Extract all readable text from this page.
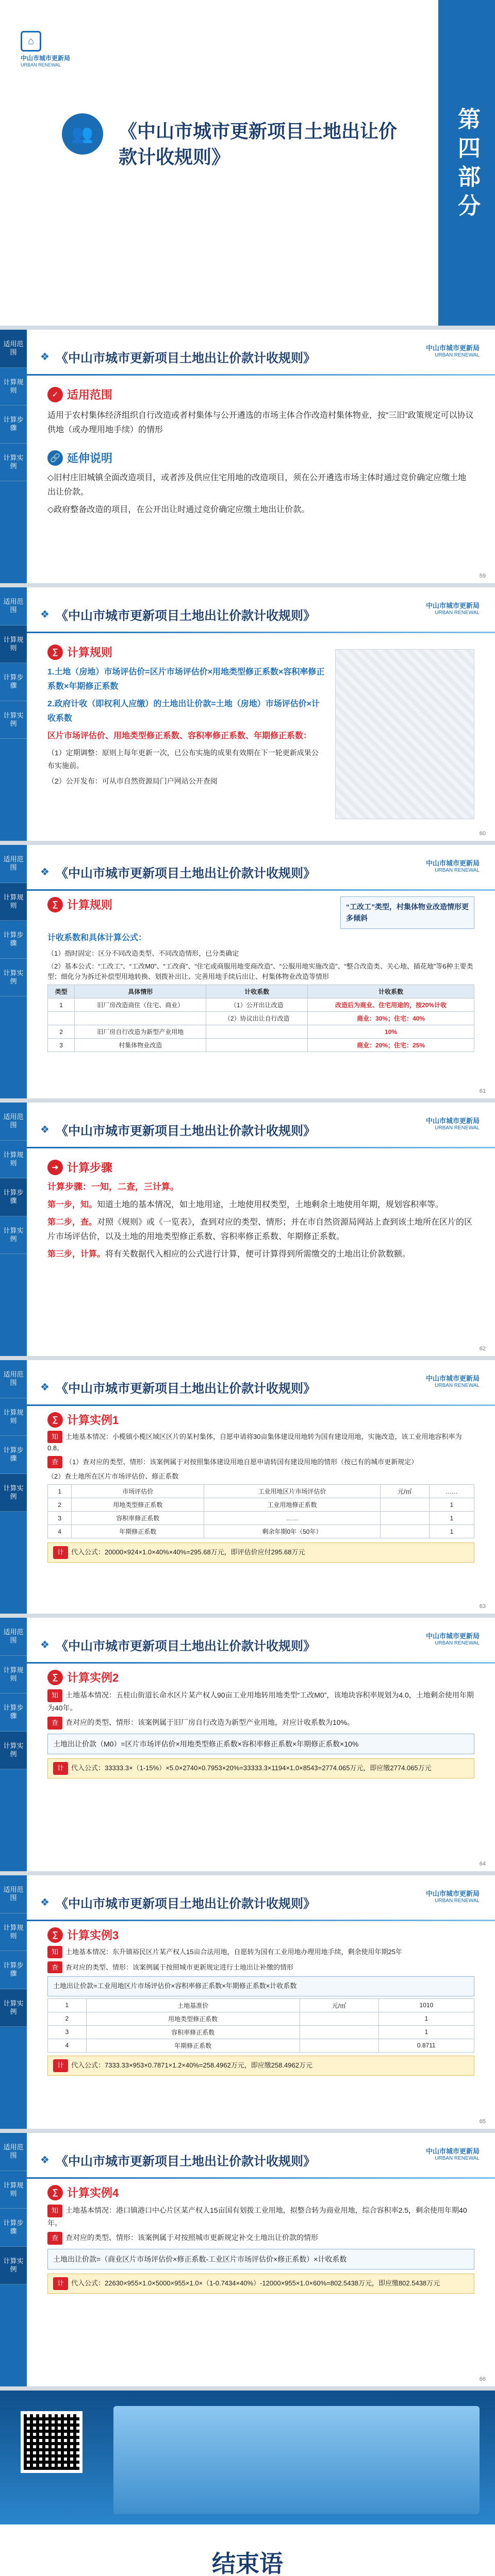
⌂
中山市城市更新局
URBAN RENEWAL
👥	《中山市城市更新项目土地出让价款计收规则》	第四部分
适用范围
计算规则
计算步骤
计算实例
❖ 《中山市城市更新项目土地出让价款计收规则》
中山市城市更新局
URBAN RENEWAL
✓ 适用范围

适用于农村集体经济组织自行改造或者村集体与公开遴选的市场主体合作改造村集体物业，按“三旧”政策规定可以协议供地（或办理用地手续）的情形

🔗 延伸说明

◇旧村庄旧城镇全面改造项目，或者涉及供应住宅用地的改造项目，须在公开遴选市场主体时通过竞价确定应缴土地出让价款。

◇政府整备改造的项目，在公开出让时通过竞价确定应缴土地出让价款。

59
适用范围
计算规则
计算步骤
计算实例
❖ 《中山市城市更新项目土地出让价款计收规则》
中山市城市更新局
URBAN RENEWAL
∑ 计算规则

1.土地（房地）市场评估价=区片市场评估价×用地类型修正系数×容积率修正系数×年期修正系数

2.政府计收（即权利人应缴）的土地出让价款=土地（房地）市场评估价×计收系数

区片市场评估价、用地类型修正系数、容积率修正系数、年期修正系数：

（1）定期调整：原则上每年更新一次，已公布实施的成果有效期在下一轮更新成果公布实施前。

（2）公开发布：可从市自然资源局门户网站公开查阅

60
适用范围
计算规则
计算步骤
计算实例
❖ 《中山市城市更新项目土地出让价款计收规则》
中山市城市更新局
URBAN RENEWAL
∑ 计算规则	“工改工”类型，村集体物业改造情形更多倾斜

计收系数和具体计算公式：

（1）指时固定：区分不同改造类型、不同改造情形，已分类确定

（2）基本公式：“工改工”、“工改M0”、“工改商”、“住宅或商服用地变商改造”、“公服用地实施改造”、“整合改造类、关心地、插花地”等6种主要类型；细化分为拆迁补偿型用地转换、划拨补出让、完善用地手续后出让、村集体物业改造等情形

类型	具体情形	计收系数	计收系数
1	旧厂房改造商住（住宅、商业）	（1）公开出让改造	改造后为商业、住宅用途的，按20%计收
		（2）协议出让自行改造	商业：30%；住宅：40%
2	旧厂房自行改造为新型产业用地		10%
3	村集体物业改造		商业：20%；住宅：25%
61
适用范围
计算规则
计算步骤
计算实例
❖ 《中山市城市更新项目土地出让价款计收规则》
中山市城市更新局
URBAN RENEWAL
➜ 计算步骤

计算步骤：一知，二查，三计算。

第一步，知。知道土地的基本情况，如土地用途，土地使用权类型，土地剩余土地使用年期，规划容积率等。

第二步，查。对照《规则》或《一览表》，查到对应的类型、情形；并在市自然资源局网站上查到该土地所在区片的区片市场评估价，以及土地的用地类型修正系数、容积率修正系数、年期修正系数。

第三步，计算。将有关数据代入相应的公式进行计算，便可计算得到所需缴交的土地出让价款数额。

62
适用范围
计算规则
计算步骤
计算实例
❖ 《中山市城市更新项目土地出让价款计收规则》
中山市城市更新局
URBAN RENEWAL
∑ 计算实例1

知 土地基本情况：小榄镇小榄区域区区片的某村集体，自愿申请将30亩集体建设用地转为国有建设用地，实施改造，该工业用地容积率为0.8。

查 （1）查对应的类型、情形：该案例属于对按照集体建设用地自愿申请转国有建设用地的情形（按已有的城市更新规定）

（2）查土地所在区片市场评估价、修正系数

1	市场评估价	工业用地区片市场评估价	元/㎡	……
2	用地类型修正系数	工业用地修正系数		1
3	容积率修正系数	……		1
4	年期修正系数	剩余年期0年（50年）		1
计 代入公式：20000×924×1.0×40%×40%=295.68万元，即评估价应付295.68万元
63
适用范围
计算规则
计算步骤
计算实例
❖ 《中山市城市更新项目土地出让价款计收规则》
中山市城市更新局
URBAN RENEWAL
∑ 计算实例2

知 土地基本情况：五桂山街道长命水区片某产权人90亩工业用地转用地类型“工改M0”，该地块容积率规划为4.0，土地剩余使用年期为40年。

查 查对应的类型、情形：该案例属于旧厂房自行改造为新型产业用地，对应计收系数为10%。

土地出让价款（M0）=区片市场评估价×用地类型修正系数×容积率修正系数×年期修正系数×10%
计 代入公式：33333.3×（1-15%）×5.0×2740×0.7953×20%=33333.3×1194×1.0×8543=2774.065万元，即应缴2774.065万元
64
适用范围
计算规则
计算步骤
计算实例
❖ 《中山市城市更新项目土地出让价款计收规则》
中山市城市更新局
URBAN RENEWAL
∑ 计算实例3

知 土地基本情况：东升镇裕民区片某产权人15亩合法用地，自愿转为国有工业用地办理用地手续，剩余使用年期25年

查 查对应的类型、情形：该案例属于按照城市更新规定进行土地出让补缴的情形

土地出让价款=工业用地区片市场评估价×容积率修正系数×年期修正系数×计收系数
1	土地基准价	元/㎡	1010
2	用地类型修正系数		1
3	容积率修正系数		1
4	年期修正系数		0.8711
计 代入公式：7333.33×953×0.7871×1.2×40%=258.4962万元，即应缴258.4962万元
65
适用范围
计算规则
计算步骤
计算实例
❖ 《中山市城市更新项目土地出让价款计收规则》
中山市城市更新局
URBAN RENEWAL
∑ 计算实例4

知 土地基本情况：港口镇港口中心片区某产权人15亩国有划拨工业用地，拟整合转为商业用地，综合容积率2.5，剩余使用年期40年。

查 查对应的类型、情形：该案例属于对按照城市更新规定补交土地出让价款的情形

土地出让价款=（商业区片市场评估价×修正系数-工业区片市场评估价×修正系数）×计收系数
计 代入公式：22630×955×1.0×5000×955×1.0×（1-0.7434×40%）-12000×955×1.0×60%=802.5438万元，即应缴802.5438万元
66
结束语
